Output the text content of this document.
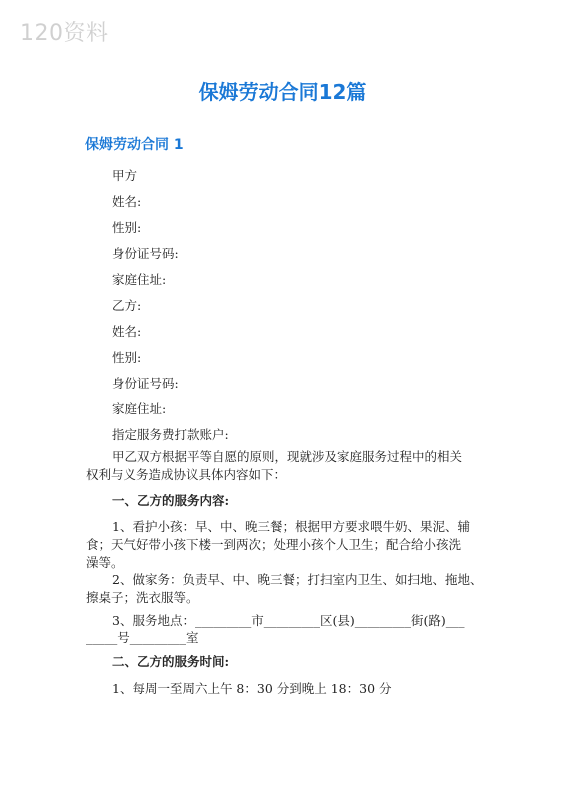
120资料
保姆劳动合同12篇
保姆劳动合同 1
甲方
姓名:
性别:
身份证号码:
家庭住址:
乙方:
姓名:
性别:
身份证号码:
家庭住址:
指定服务费打款账户:
甲乙双方根据平等自愿的原则，现就涉及家庭服务过程中的相关
权利与义务造成协议具体内容如下：
一、乙方的服务内容:
1、看护小孩：早、中、晚三餐；根据甲方要求喂牛奶、果泥、辅
食；天气好带小孩下楼一到两次；处理小孩个人卫生；配合给小孩洗
澡等。
2、做家务：负责早、中、晚三餐；打扫室内卫生、如扫地、拖地、
擦桌子；洗衣服等。
3、服务地点：_________市_________区(县)_________街(路)___
_____号_________室
二、乙方的服务时间:
1、每周一至周六上午 8：30 分到晚上 18：30 分
